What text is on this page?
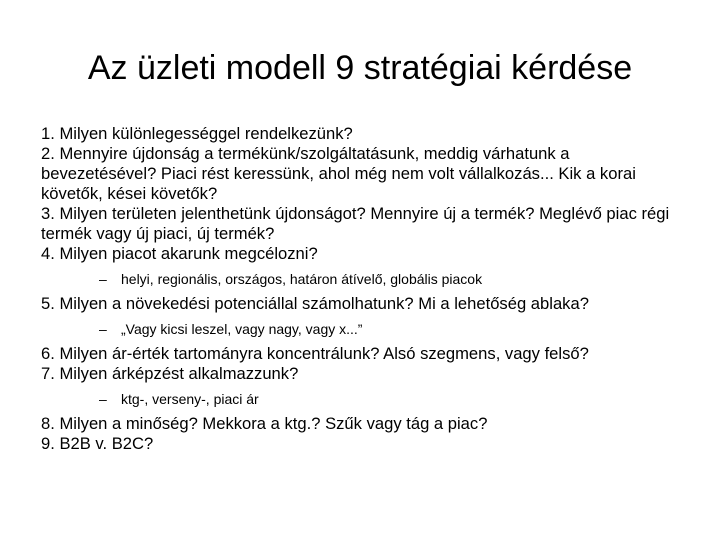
Az üzleti modell 9 stratégiai kérdése

1. Milyen különlegességgel rendelkezünk?

2. Mennyire újdonság a termékünk/szolgáltatásunk, meddig várhatunk a bevezetésével? Piaci rést keressünk, ahol még nem volt vállalkozás... Kik a korai követők, kései követők?

3. Milyen területen jelenthetünk újdonságot? Mennyire új a termék? Meglévő piac régi termék vagy új piaci, új termék?

4. Milyen piacot akarunk megcélozni?

–	helyi, regionális, országos, határon átívelő, globális piacok

5. Milyen a növekedési potenciállal számolhatunk? Mi a lehetőség ablaka?

–	„Vagy kicsi leszel, vagy nagy, vagy x...”

6. Milyen ár-érték tartományra koncentrálunk? Alsó szegmens, vagy felső?

7. Milyen árképzést alkalmazzunk?

–	ktg-, verseny-, piaci ár

8. Milyen a minőség? Mekkora a ktg.? Szűk vagy tág a piac?

9. B2B v. B2C?
